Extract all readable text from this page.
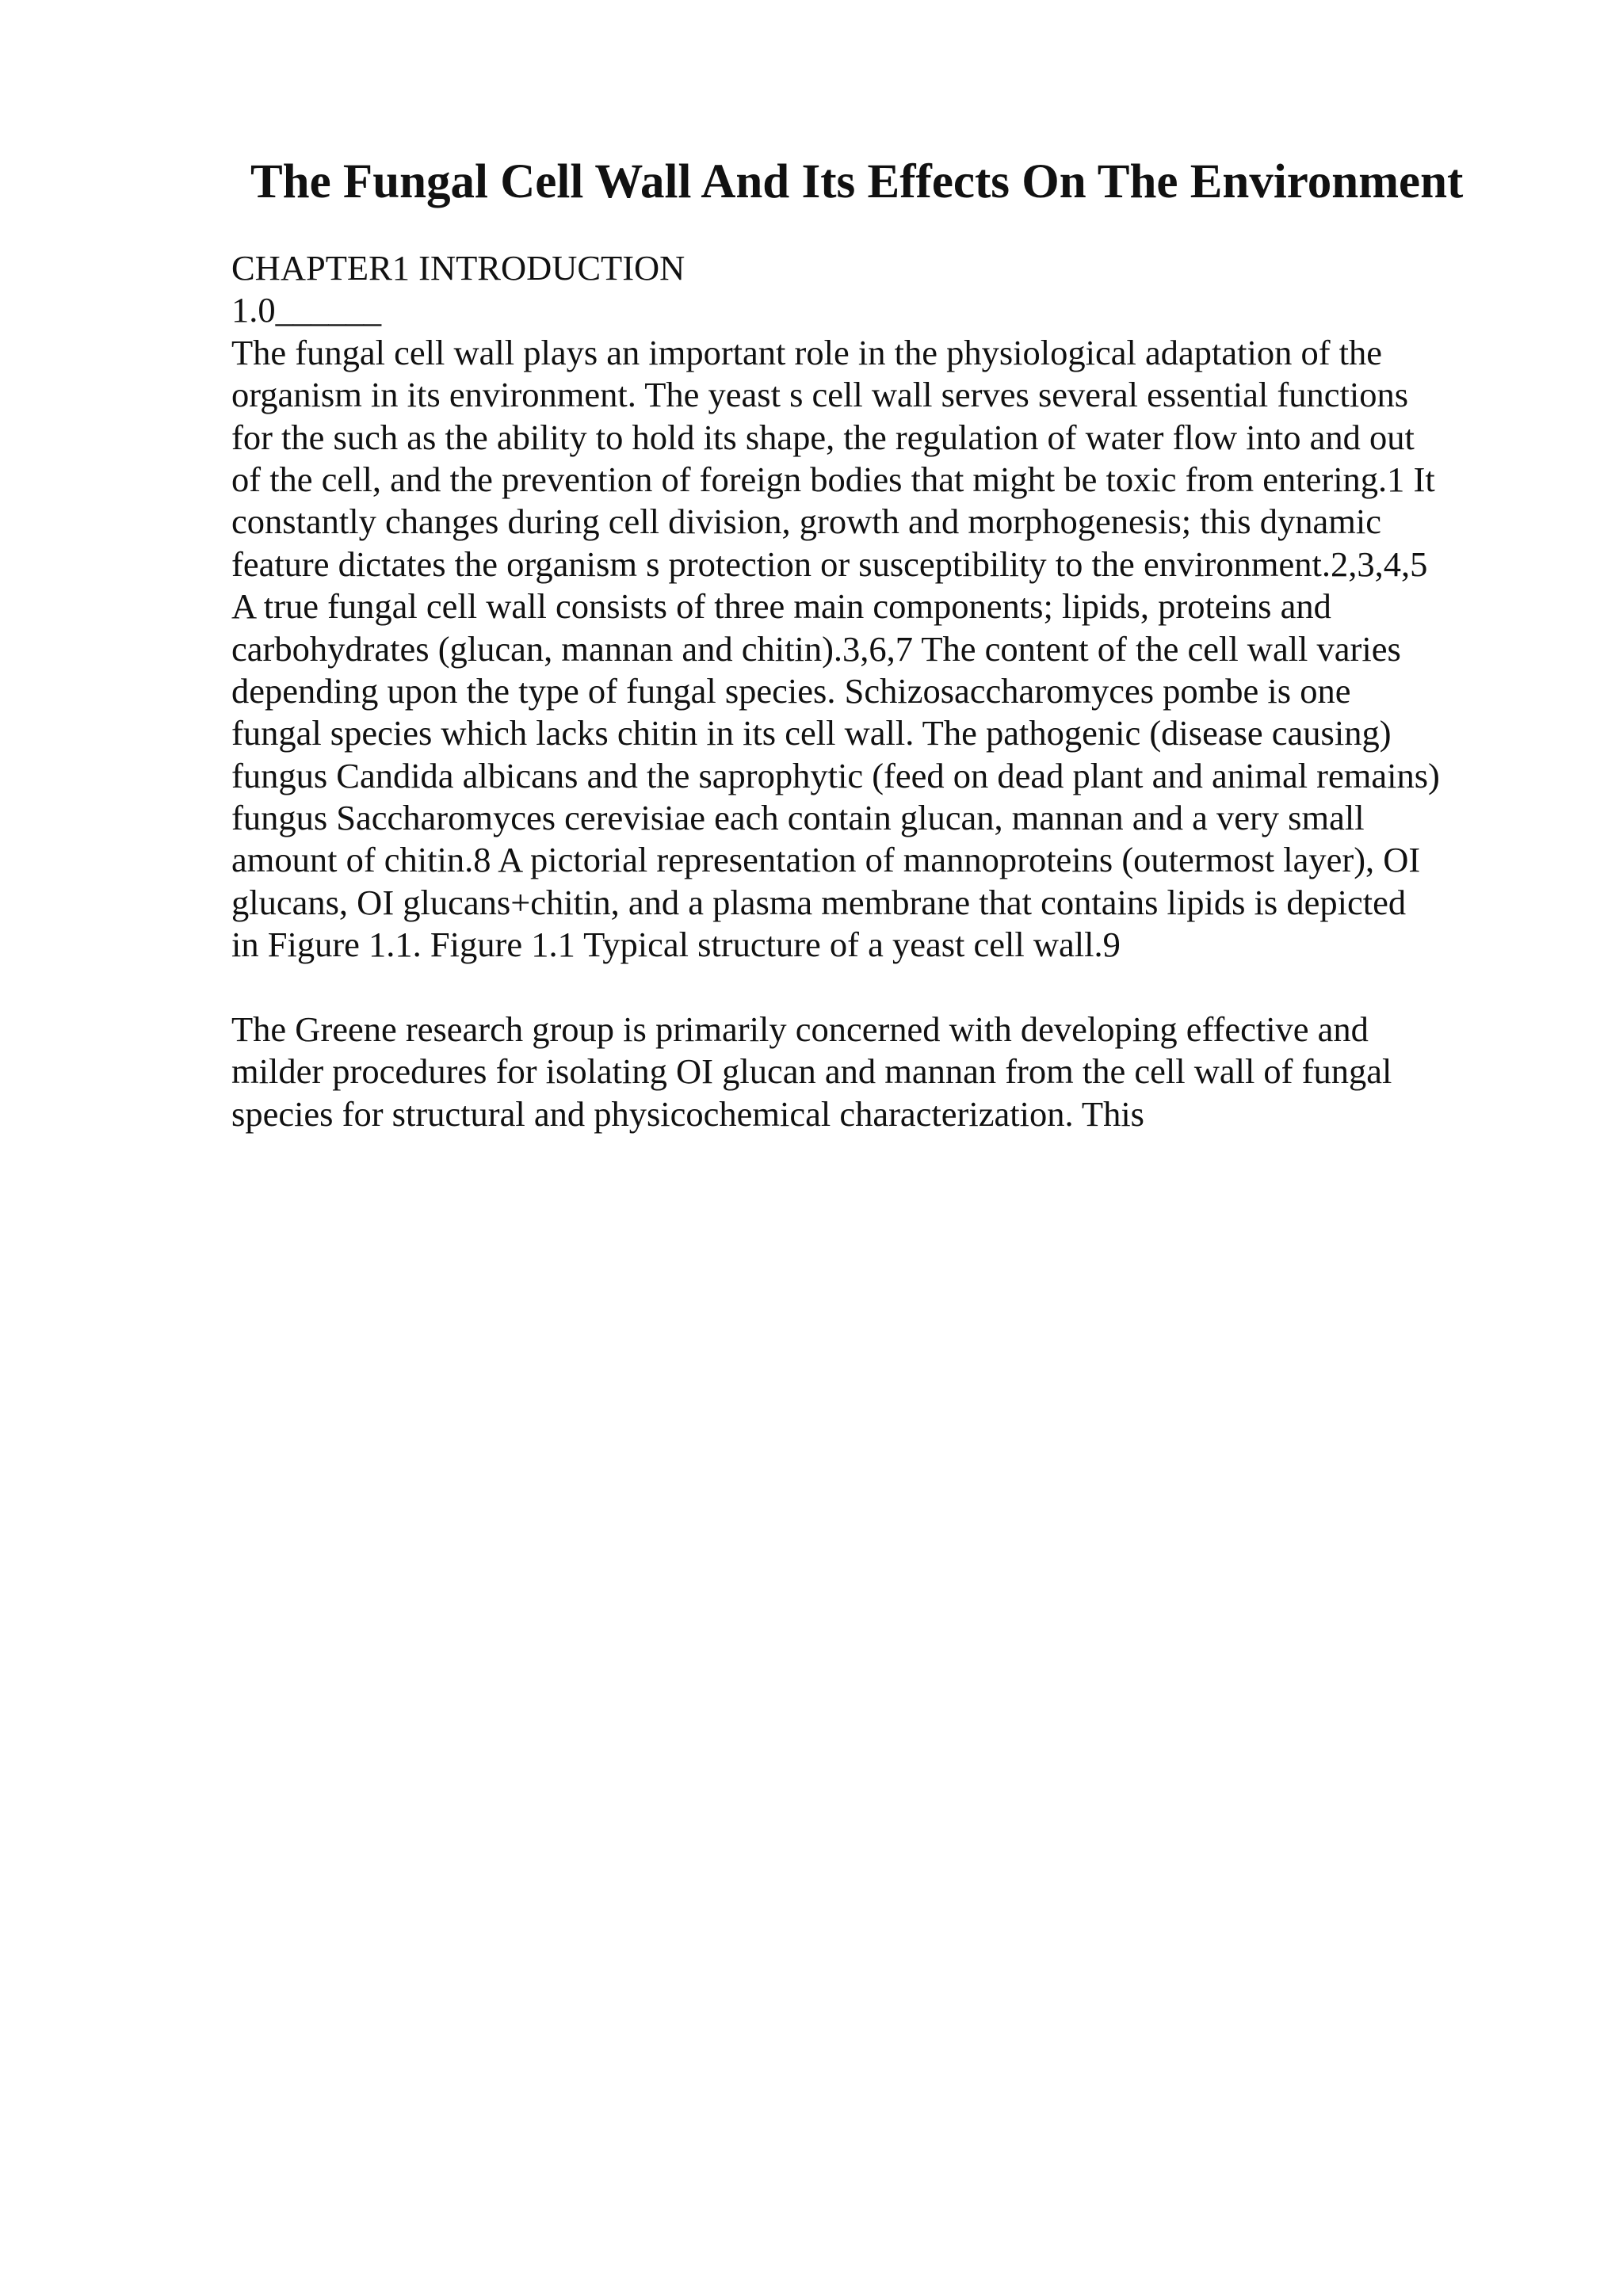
The Fungal Cell Wall And Its Effects On The Environment
CHAPTER1 INTRODUCTION
1.0______
The fungal cell wall plays an important role in the physiological adaptation of the
organism in its environment. The yeast s cell wall serves several essential functions
for the such as the ability to hold its shape, the regulation of water flow into and out
of the cell, and the prevention of foreign bodies that might be toxic from entering.1 It
constantly changes during cell division, growth and morphogenesis; this dynamic
feature dictates the organism s protection or susceptibility to the environment.2,3,4,5
A true fungal cell wall consists of three main components; lipids, proteins and
carbohydrates (glucan, mannan and chitin).3,6,7 The content of the cell wall varies
depending upon the type of fungal species. Schizosaccharomyces pombe is one
fungal species which lacks chitin in its cell wall. The pathogenic (disease causing)
fungus Candida albicans and the saprophytic (feed on dead plant and animal remains)
fungus Saccharomyces cerevisiae each contain glucan, mannan and a very small
amount of chitin.8 A pictorial representation of mannoproteins (outermost layer), OI
glucans, OI glucans+chitin, and a plasma membrane that contains lipids is depicted
in Figure 1.1. Figure 1.1 Typical structure of a yeast cell wall.9
The Greene research group is primarily concerned with developing effective and
milder procedures for isolating OI glucan and mannan from the cell wall of fungal
species for structural and physicochemical characterization. This
